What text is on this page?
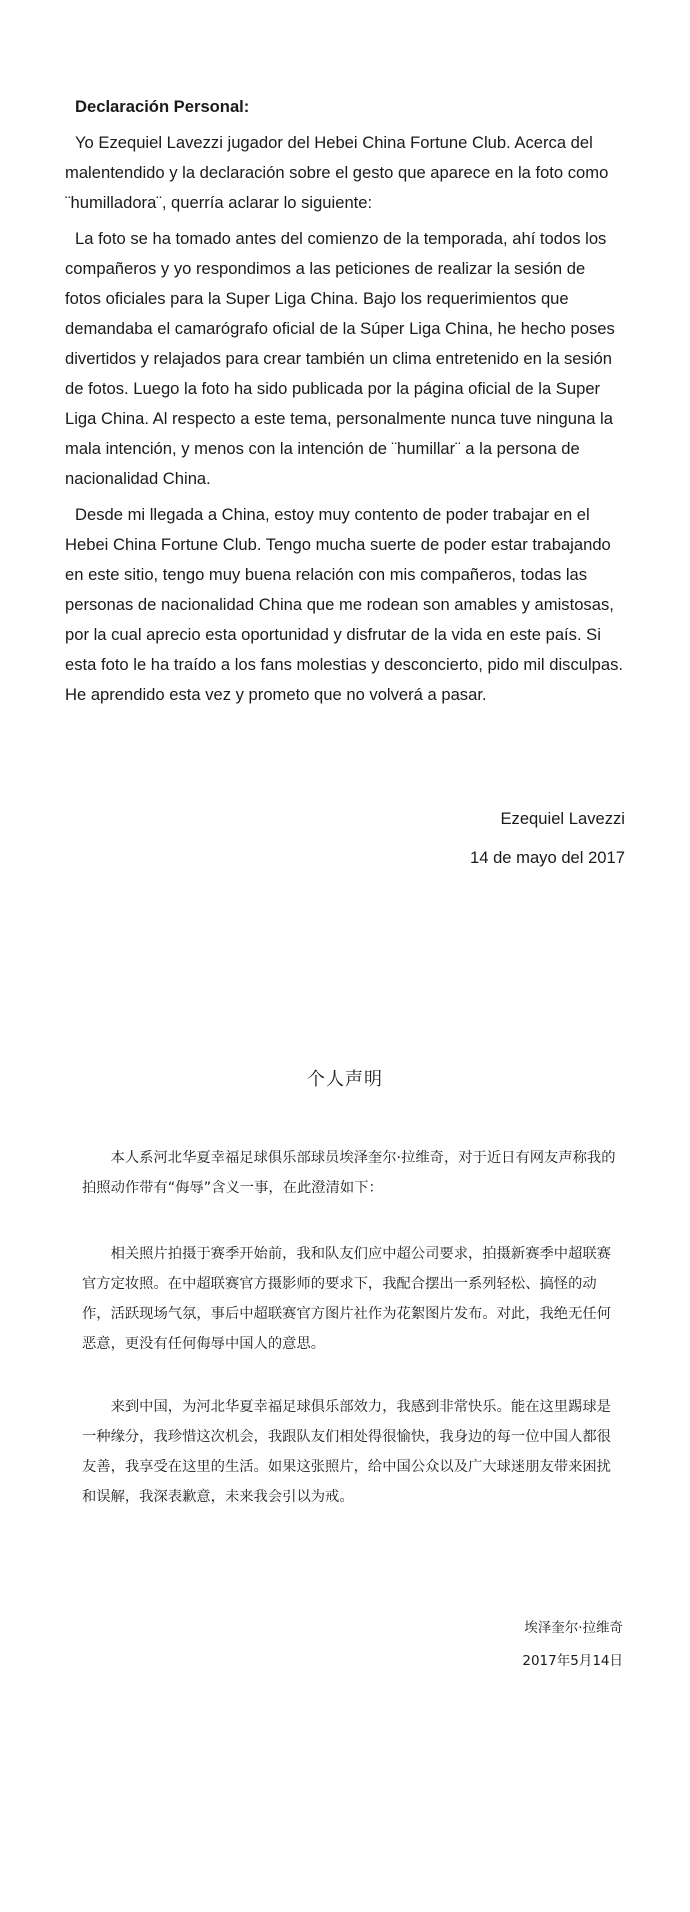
Declaración Personal:

Yo Ezequiel Lavezzi jugador del Hebei China Fortune Club. Acerca del malentendido y la declaración sobre el gesto que aparece en la foto como ¨humilladora¨, querría aclarar lo siguiente:

La foto se ha tomado antes del comienzo de la temporada, ahí todos los compañeros y yo respondimos a las peticiones de realizar la sesión de fotos oficiales para la Super Liga China. Bajo los requerimientos que demandaba el camarógrafo oficial de la Súper Liga China, he hecho poses divertidos y relajados para crear también un clima entretenido en la sesión de fotos. Luego la foto ha sido publicada por la página oficial de la Super Liga China. Al respecto a este tema, personalmente nunca tuve ninguna la mala intención, y menos con la intención de ¨humillar¨ a la persona de nacionalidad China.

Desde mi llegada a China, estoy muy contento de poder trabajar en el Hebei China Fortune Club. Tengo mucha suerte de poder estar trabajando en este sitio, tengo muy buena relación con mis compañeros, todas las personas de nacionalidad China que me rodean son amables y amistosas, por la cual aprecio esta oportunidad y disfrutar de la vida en este país. Si esta foto le ha traído a los fans molestias y desconcierto, pido mil disculpas. He aprendido esta vez y prometo que no volverá a pasar.

Ezequiel Lavezzi
14 de mayo del 2017
个人声明

本人系河北华夏幸福足球俱乐部球员埃泽奎尔·拉维奇，对于近日有网友声称我的拍照动作带有“侮辱”含义一事，在此澄清如下：

相关照片拍摄于赛季开始前，我和队友们应中超公司要求，拍摄新赛季中超联赛官方定妆照。在中超联赛官方摄影师的要求下，我配合摆出一系列轻松、搞怪的动作，活跃现场气氛，事后中超联赛官方图片社作为花絮图片发布。对此，我绝无任何恶意，更没有任何侮辱中国人的意思。

来到中国，为河北华夏幸福足球俱乐部效力，我感到非常快乐。能在这里踢球是一种缘分，我珍惜这次机会，我跟队友们相处得很愉快，我身边的每一位中国人都很友善，我享受在这里的生活。如果这张照片，给中国公众以及广大球迷朋友带来困扰和误解，我深表歉意，未来我会引以为戒。

埃泽奎尔·拉维奇
2017年5月14日
